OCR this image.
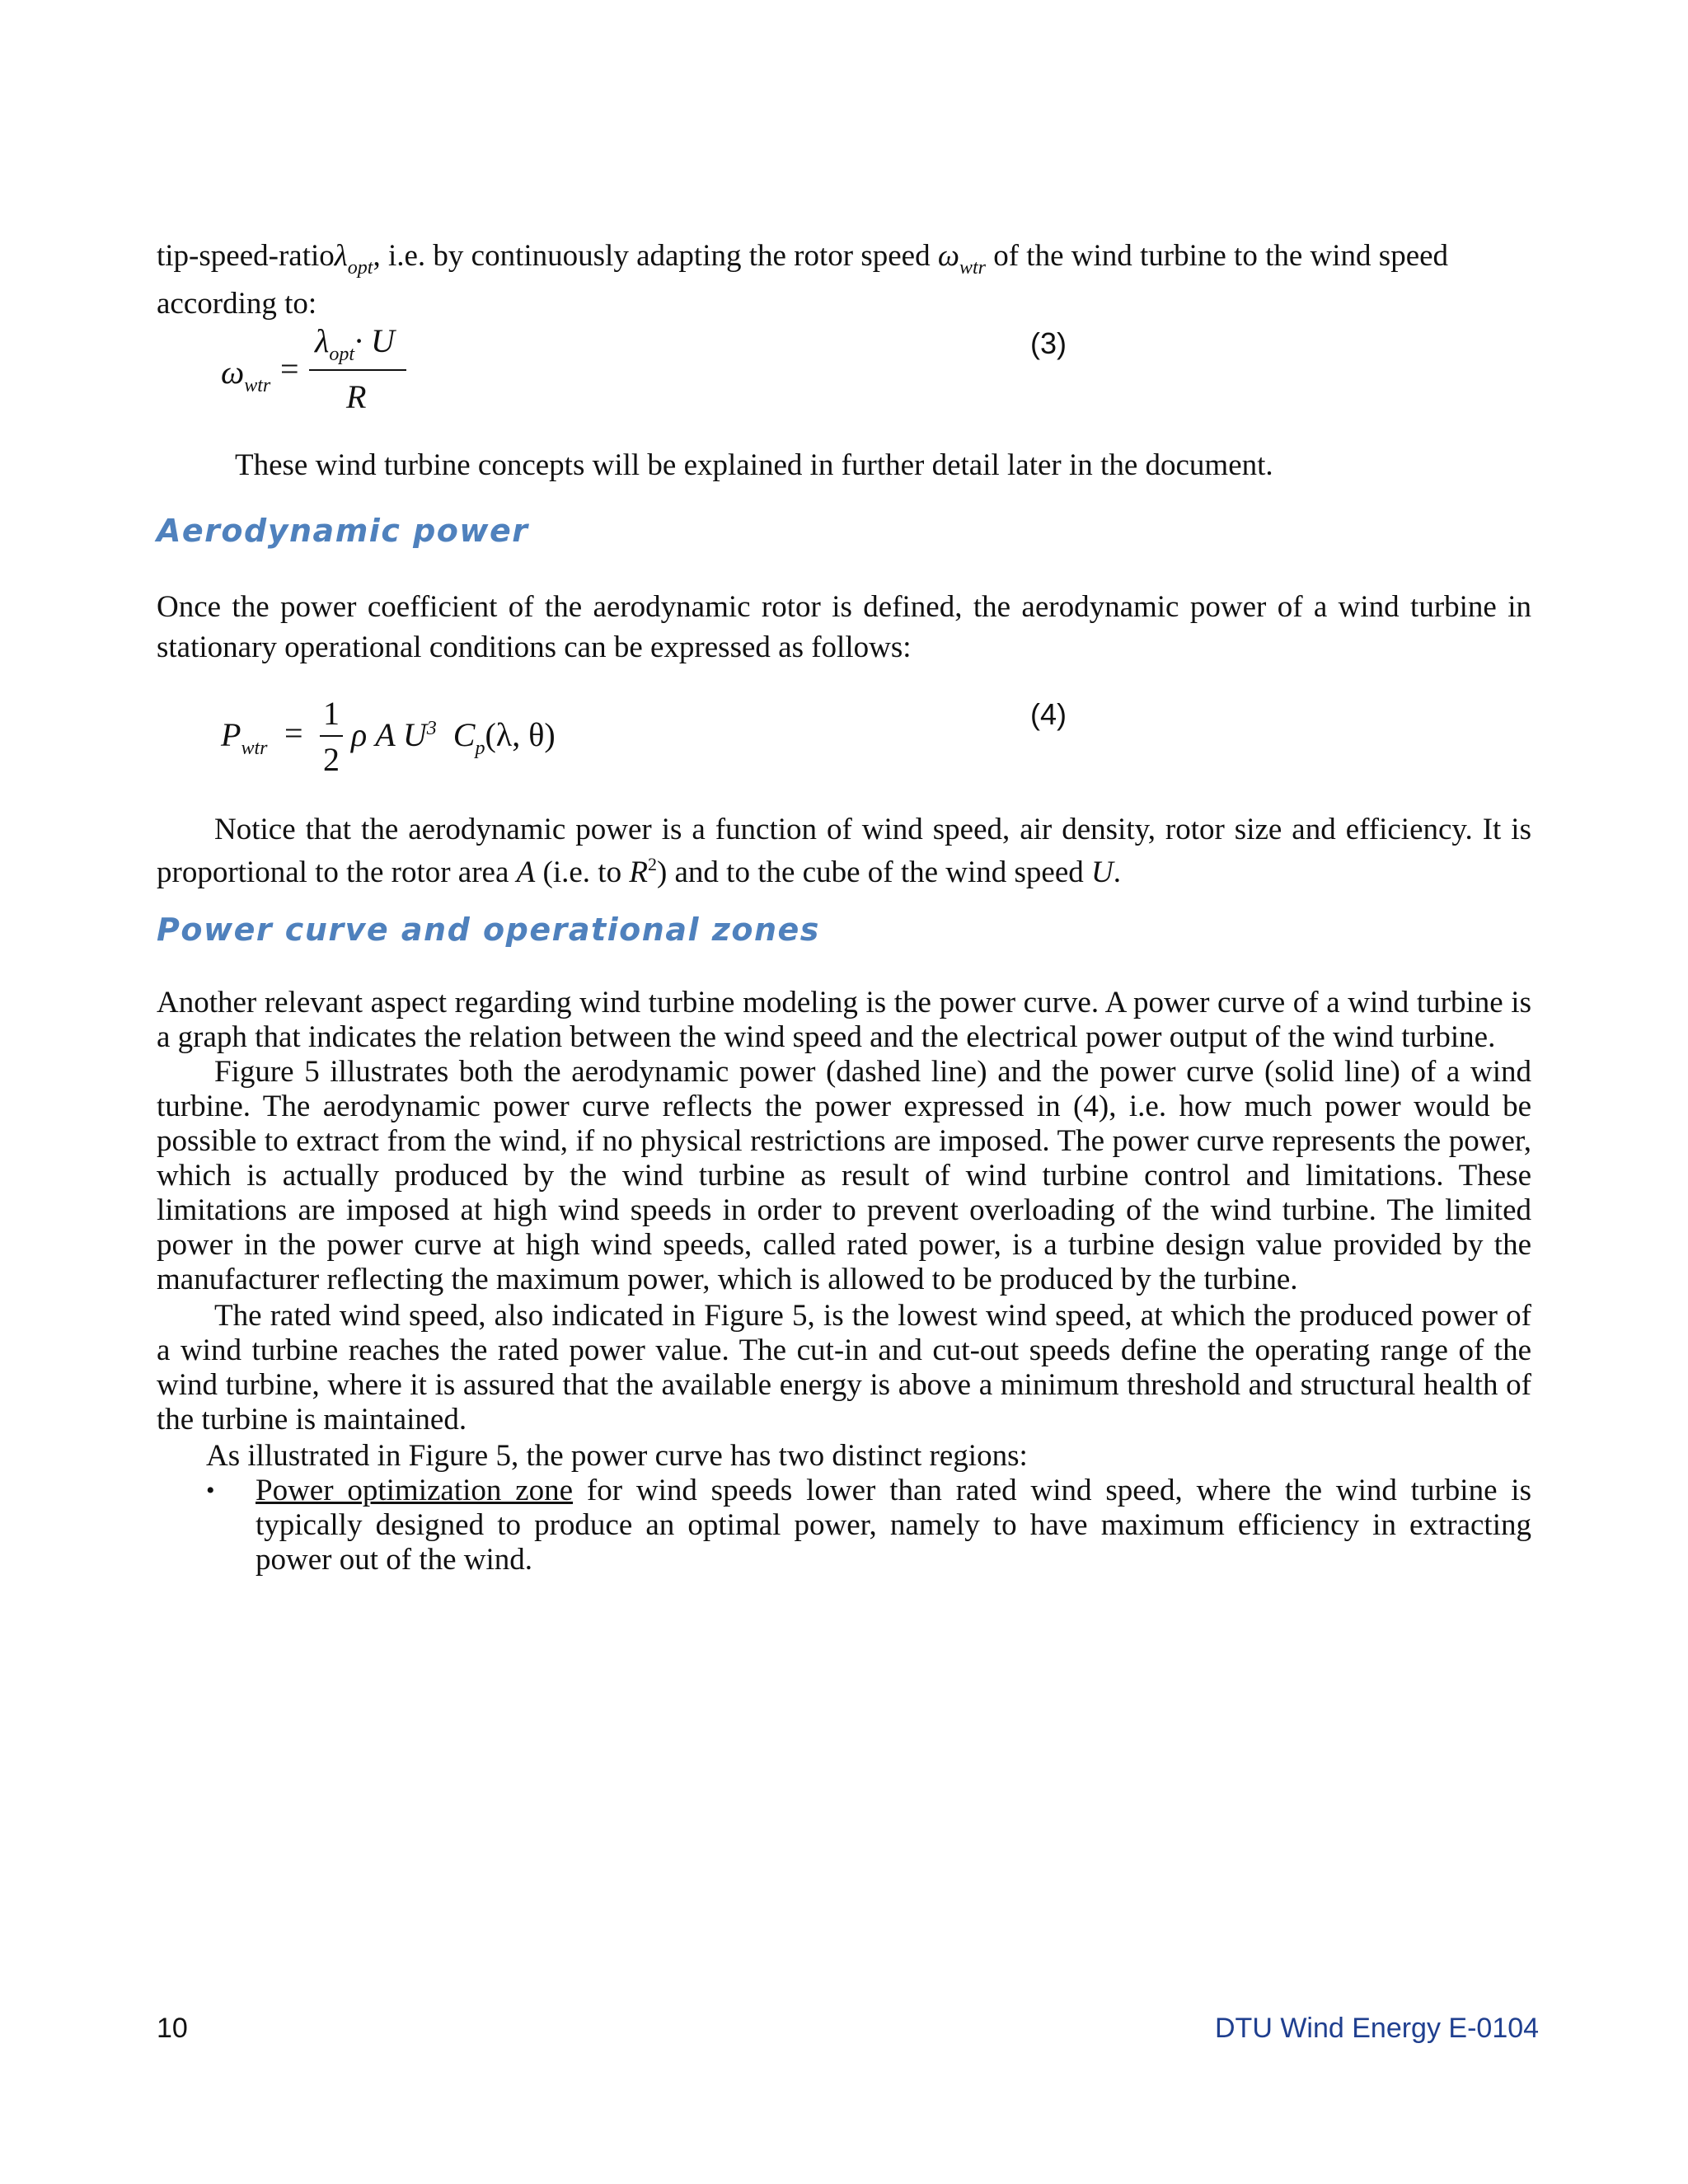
tip-speed-ratioλ$_{opt}$, i.e. by continuously adapting the rotor speed $\omega_{wtr}$ of the wind turbine to the wind speed
according to:
$\omega_{wtr}$ =
$\lambda_{opt}\cdot U$
R
(3)
These wind turbine concepts will be explained in further detail later in the document.
Aerodynamic power
Once the power coefficient of the aerodynamic rotor is defined, the aerodynamic power of a wind turbine in stationary operational conditions can be expressed as follows:
$P_{wtr}$ =
1
2
ρ A $U^3$ $C_p(\lambda$, θ)
(4)

Notice that the aerodynamic power is a function of wind speed, air density, rotor size and efficiency. It is proportional to the rotor area A (i.e. to $R^2$) and to the cube of the wind speed U.

Power curve and operational zones
Another relevant aspect regarding wind turbine modeling is the power curve. A power curve of a wind turbine is a graph that indicates the relation between the wind speed and the electrical power output of the wind turbine.
Figure 5 illustrates both the aerodynamic power (dashed line) and the power curve (solid line) of a wind turbine. The aerodynamic power curve reflects the power expressed in (4), i.e. how much power would be possible to extract from the wind, if no physical restrictions are imposed. The power curve represents the power, which is actually produced by the wind turbine as result of wind turbine control and limitations. These limitations are imposed at high wind speeds in order to prevent overloading of the wind turbine. The limited power in the power curve at high wind speeds, called rated power, is a turbine design value provided by the manufacturer reflecting the maximum power, which is allowed to be produced by the turbine.
The rated wind speed, also indicated in Figure 5, is the lowest wind speed, at which the produced power of a wind turbine reaches the rated power value. The cut-in and cut-out speeds define the operating range of the wind turbine, where it is assured that the available energy is above a minimum threshold and structural health of the turbine is maintained.
As illustrated in Figure 5, the power curve has two distinct regions:
• Power optimization zone for wind speeds lower than rated wind speed, where the wind turbine is typically designed to produce an optimal power, namely to have maximum efficiency in extracting power out of the wind.
10	DTU Wind Energy E-0104
